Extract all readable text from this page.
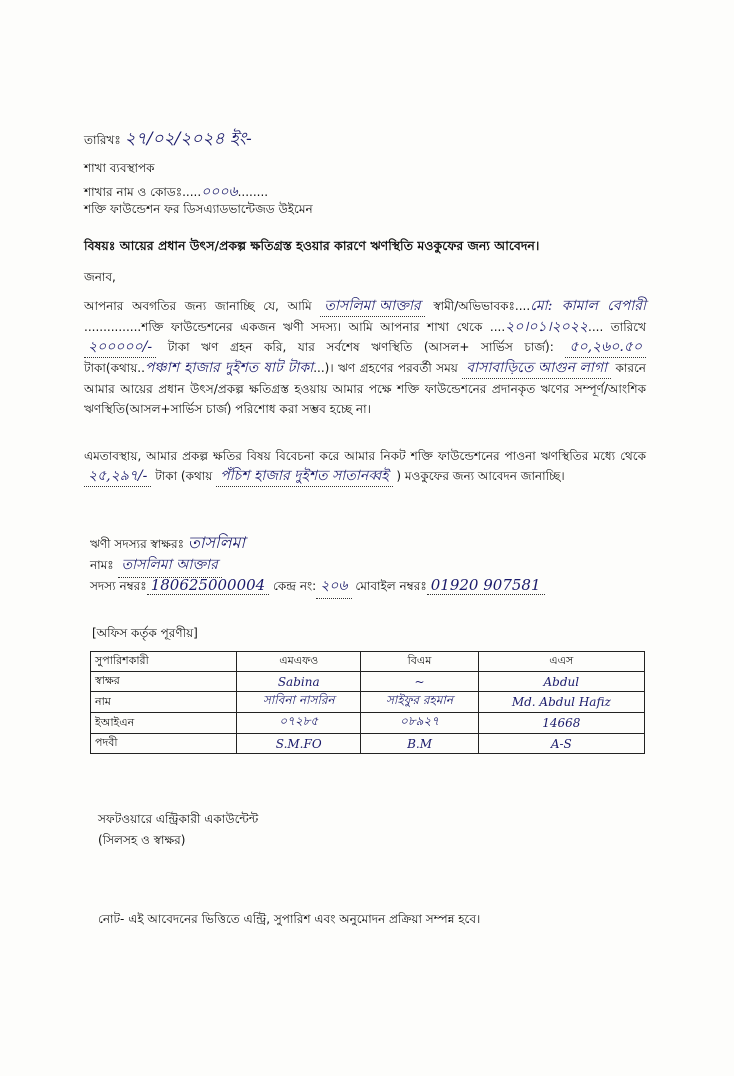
তারিখঃ ২৭/০২/২০২৪ ইং-
শাখা ব্যবস্থাপক
শাখার নাম ও কোডঃ.....০০০৬........
শক্তি ফাউন্ডেশন ফর ডিসএ্যাডভান্টেজড উইমেন
বিষয়ঃ আয়ের প্রধান উৎস/প্রকল্প ক্ষতিগ্রস্ত হওয়ার কারণে ঋণস্থিতি মওকুফের জন্য আবেদন।
জনাব,
আপনার অবগতির জন্য জানাচ্ছি যে, আমি তাসলিমা আক্তার স্বামী/অভিভাবকঃ....মো: কামাল বেপারী ...............শক্তি ফাউন্ডেশনের একজন ঋণী সদস্য। আমি আপনার শাখা থেকে ....২০।০১।২০২২.... তারিখে ২০০০০০/- টাকা ঋণ গ্রহন করি, যার সর্বশেষ ঋণস্থিতি (আসল+ সার্ভিস চার্জ): ৫০,২৬০.৫০ টাকা(কথায়..পঞ্চাশ হাজার দুইশত ষাট টাকা...)। ঋণ গ্রহণের পরবর্তী সময় বাসাবাড়িতে আগুন লাগা কারনে আমার আয়ের প্রধান উৎস/প্রকল্প ক্ষতিগ্রস্ত হওয়ায় আমার পক্ষে শক্তি ফাউন্ডেশনের প্রদানকৃত ঋণের সম্পূর্ণ/আংশিক ঋণস্থিতি(আসল+সার্ভিস চার্জ) পরিশোধ করা সম্ভব হচ্ছে না।
এমতাবস্থায়, আমার প্রকল্প ক্ষতির বিষয় বিবেচনা করে আমার নিকট শক্তি ফাউন্ডেশনের পাওনা ঋণস্থিতির মধ্যে থেকে ২৫,২৯৭/- টাকা (কথায় পঁচিশ হাজার দুইশত সাতানব্বই ) মওকুফের জন্য আবেদন জানাচ্ছি।
ঋণী সদস্যর স্বাক্ষরঃ তাসলিমা
নামঃ তাসলিমা আক্তার
সদস্য নম্বরঃ 180625000004 কেন্দ্র নং: ২০৬ মোবাইল নম্বরঃ 01920 907581
[অফিস কর্তৃক পূরণীয়]
সুপারিশকারী	এমএফও	বিএম	এএস
স্বাক্ষর	Sabina	~	Abdul
নাম	সাবিনা নাসরিন	সাইফুর রহমান	Md. Abdul Hafiz
ইআইএন	০৭২৮৫	০৮৯২৭	14668
পদবী	S.M.FO	B.M	A-S
সফটওয়ারে এন্ট্রিকারী একাউন্টেন্ট
(সিলসহ ও স্বাক্ষর)
নোট- এই আবেদনের ভিত্তিতে এন্ট্রি, সুপারিশ এবং অনুমোদন প্রক্রিয়া সম্পন্ন হবে।
